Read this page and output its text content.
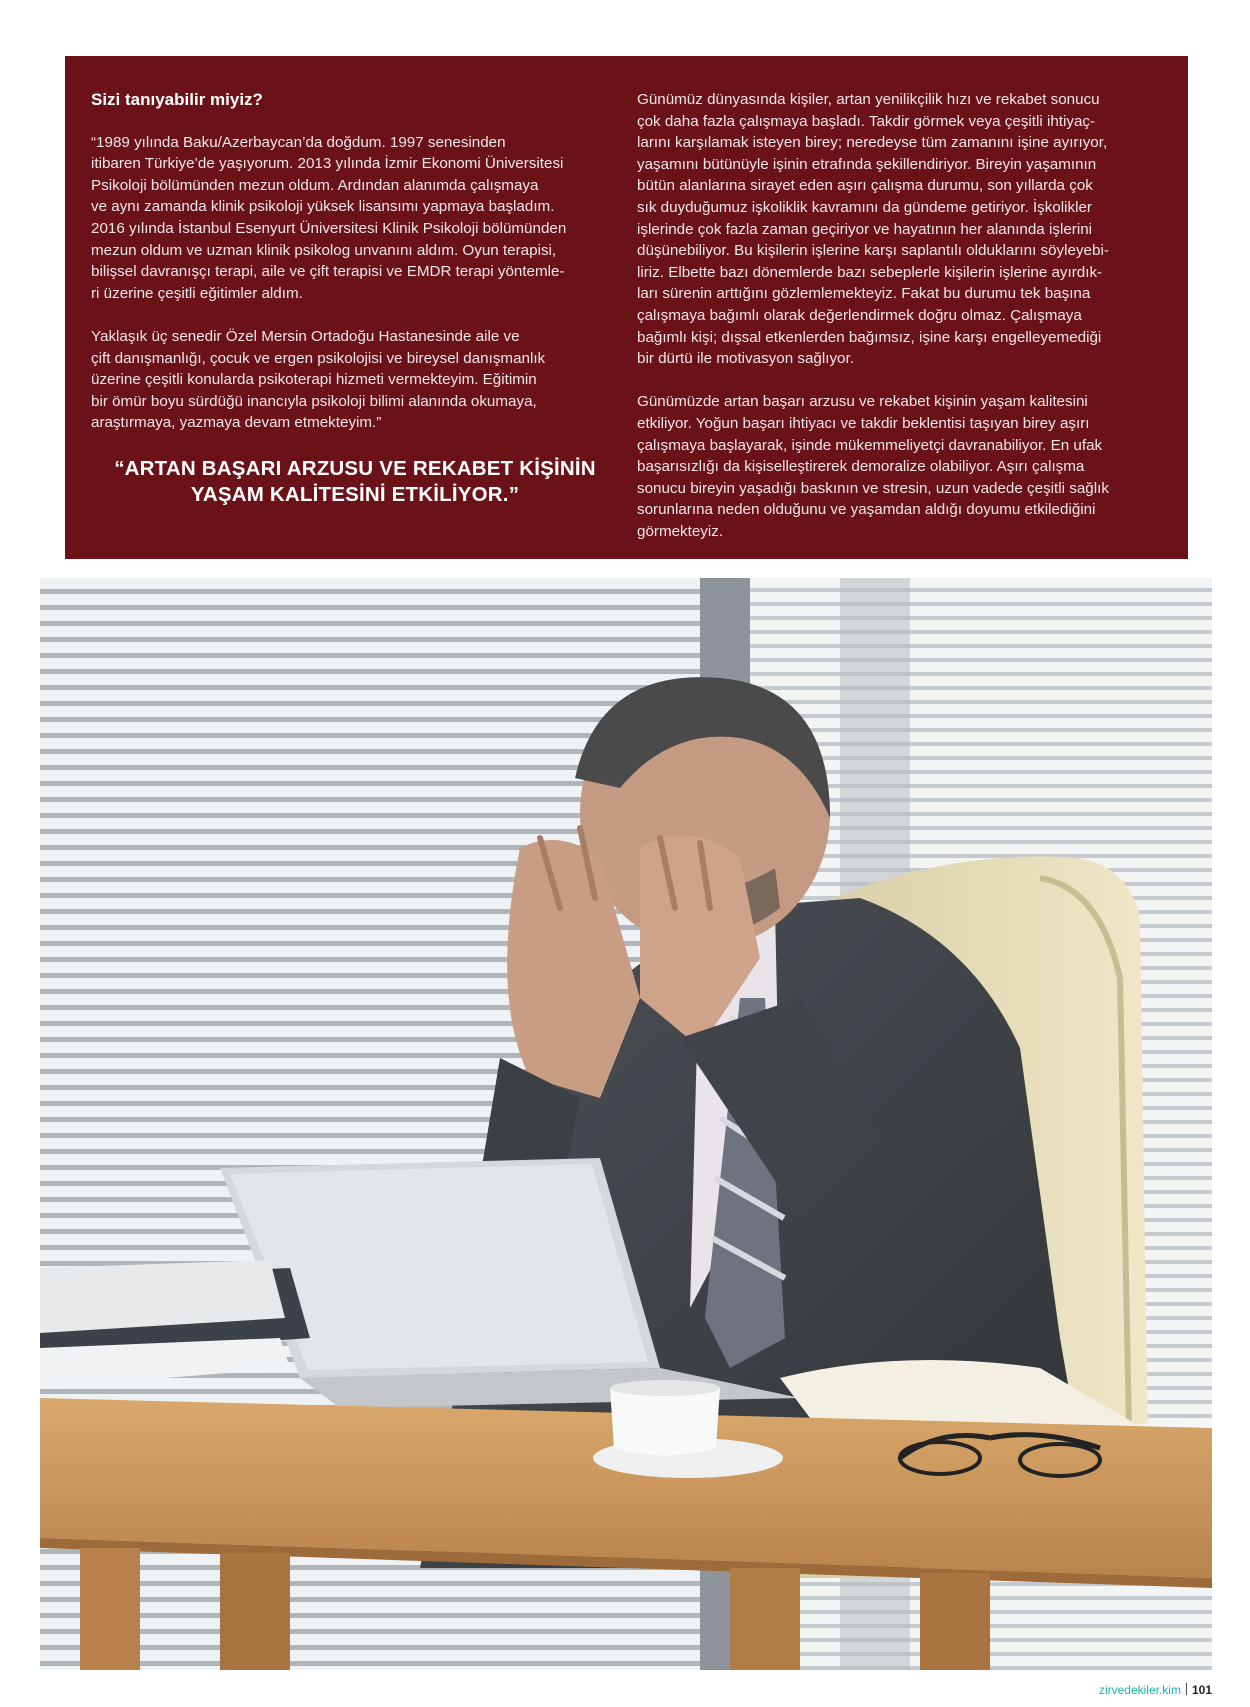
Sizi tanıyabilir miyiz?

“1989 yılında Baku/Azerbaycan’da doğdum. 1997 senesinden
itibaren Türkiye’de yaşıyorum. 2013 yılında İzmir Ekonomi Üniversitesi
Psikoloji bölümünden mezun oldum. Ardından alanımda çalışmaya
ve aynı zamanda klinik psikoloji yüksek lisansımı yapmaya başladım.
2016 yılında İstanbul Esenyurt Üniversitesi Klinik Psikoloji bölümünden
mezun oldum ve uzman klinik psikolog unvanını aldım. Oyun terapisi,
bilişsel davranışçı terapi, aile ve çift terapisi ve EMDR terapi yöntemle-
ri üzerine çeşitli eğitimler aldım.

Yaklaşık üç senedir Özel Mersin Ortadoğu Hastanesinde aile ve
çift danışmanlığı, çocuk ve ergen psikolojisi ve bireysel danışmanlık
üzerine çeşitli konularda psikoterapi hizmeti vermekteyim. Eğitimin
bir ömür boyu sürdüğü inancıyla psikoloji bilimi alanında okumaya,
araştırmaya, yazmaya devam etmekteyim.”

“ARTAN BAŞARI ARZUSU VE REKABET KİŞİNİN
YAŞAM KALİTESİNİ ETKİLİYOR.”

Günümüz dünyasında kişiler, artan yenilikçilik hızı ve rekabet sonucu
çok daha fazla çalışmaya başladı. Takdir görmek veya çeşitli ihtiyaç-
larını karşılamak isteyen birey; neredeyse tüm zamanını işine ayırıyor,
yaşamını bütünüyle işinin etrafında şekillendiriyor. Bireyin yaşamının
bütün alanlarına sirayet eden aşırı çalışma durumu, son yıllarda çok
sık duyduğumuz işkoliklik kavramını da gündeme getiriyor. İşkolikler
işlerinde çok fazla zaman geçiriyor ve hayatının her alanında işlerini
düşünebiliyor. Bu kişilerin işlerine karşı saplantılı olduklarını söyleyebi-
liriz. Elbette bazı dönemlerde bazı sebeplerle kişilerin işlerine ayırdık-
ları sürenin arttığını gözlemlemekteyiz. Fakat bu durumu tek başına
çalışmaya bağımlı olarak değerlendirmek doğru olmaz. Çalışmaya
bağımlı kişi; dışsal etkenlerden bağımsız, işine karşı engelleyemediği
bir dürtü ile motivasyon sağlıyor.

Günümüzde artan başarı arzusu ve rekabet kişinin yaşam kalitesini
etkiliyor. Yoğun başarı ihtiyacı ve takdir beklentisi taşıyan birey aşırı
çalışmaya başlayarak, işinde mükemmeliyetçi davranabiliyor. En ufak
başarısızlığı da kişiselleştirerek demoralize olabiliyor. Aşırı çalışma
sonucu bireyin yaşadığı baskının ve stresin, uzun vadede çeşitli sağlık
sorunlarına neden olduğunu ve yaşamdan aldığı doyumu etkilediğini
görmekteyiz.

zirvedekiler.kim 101
